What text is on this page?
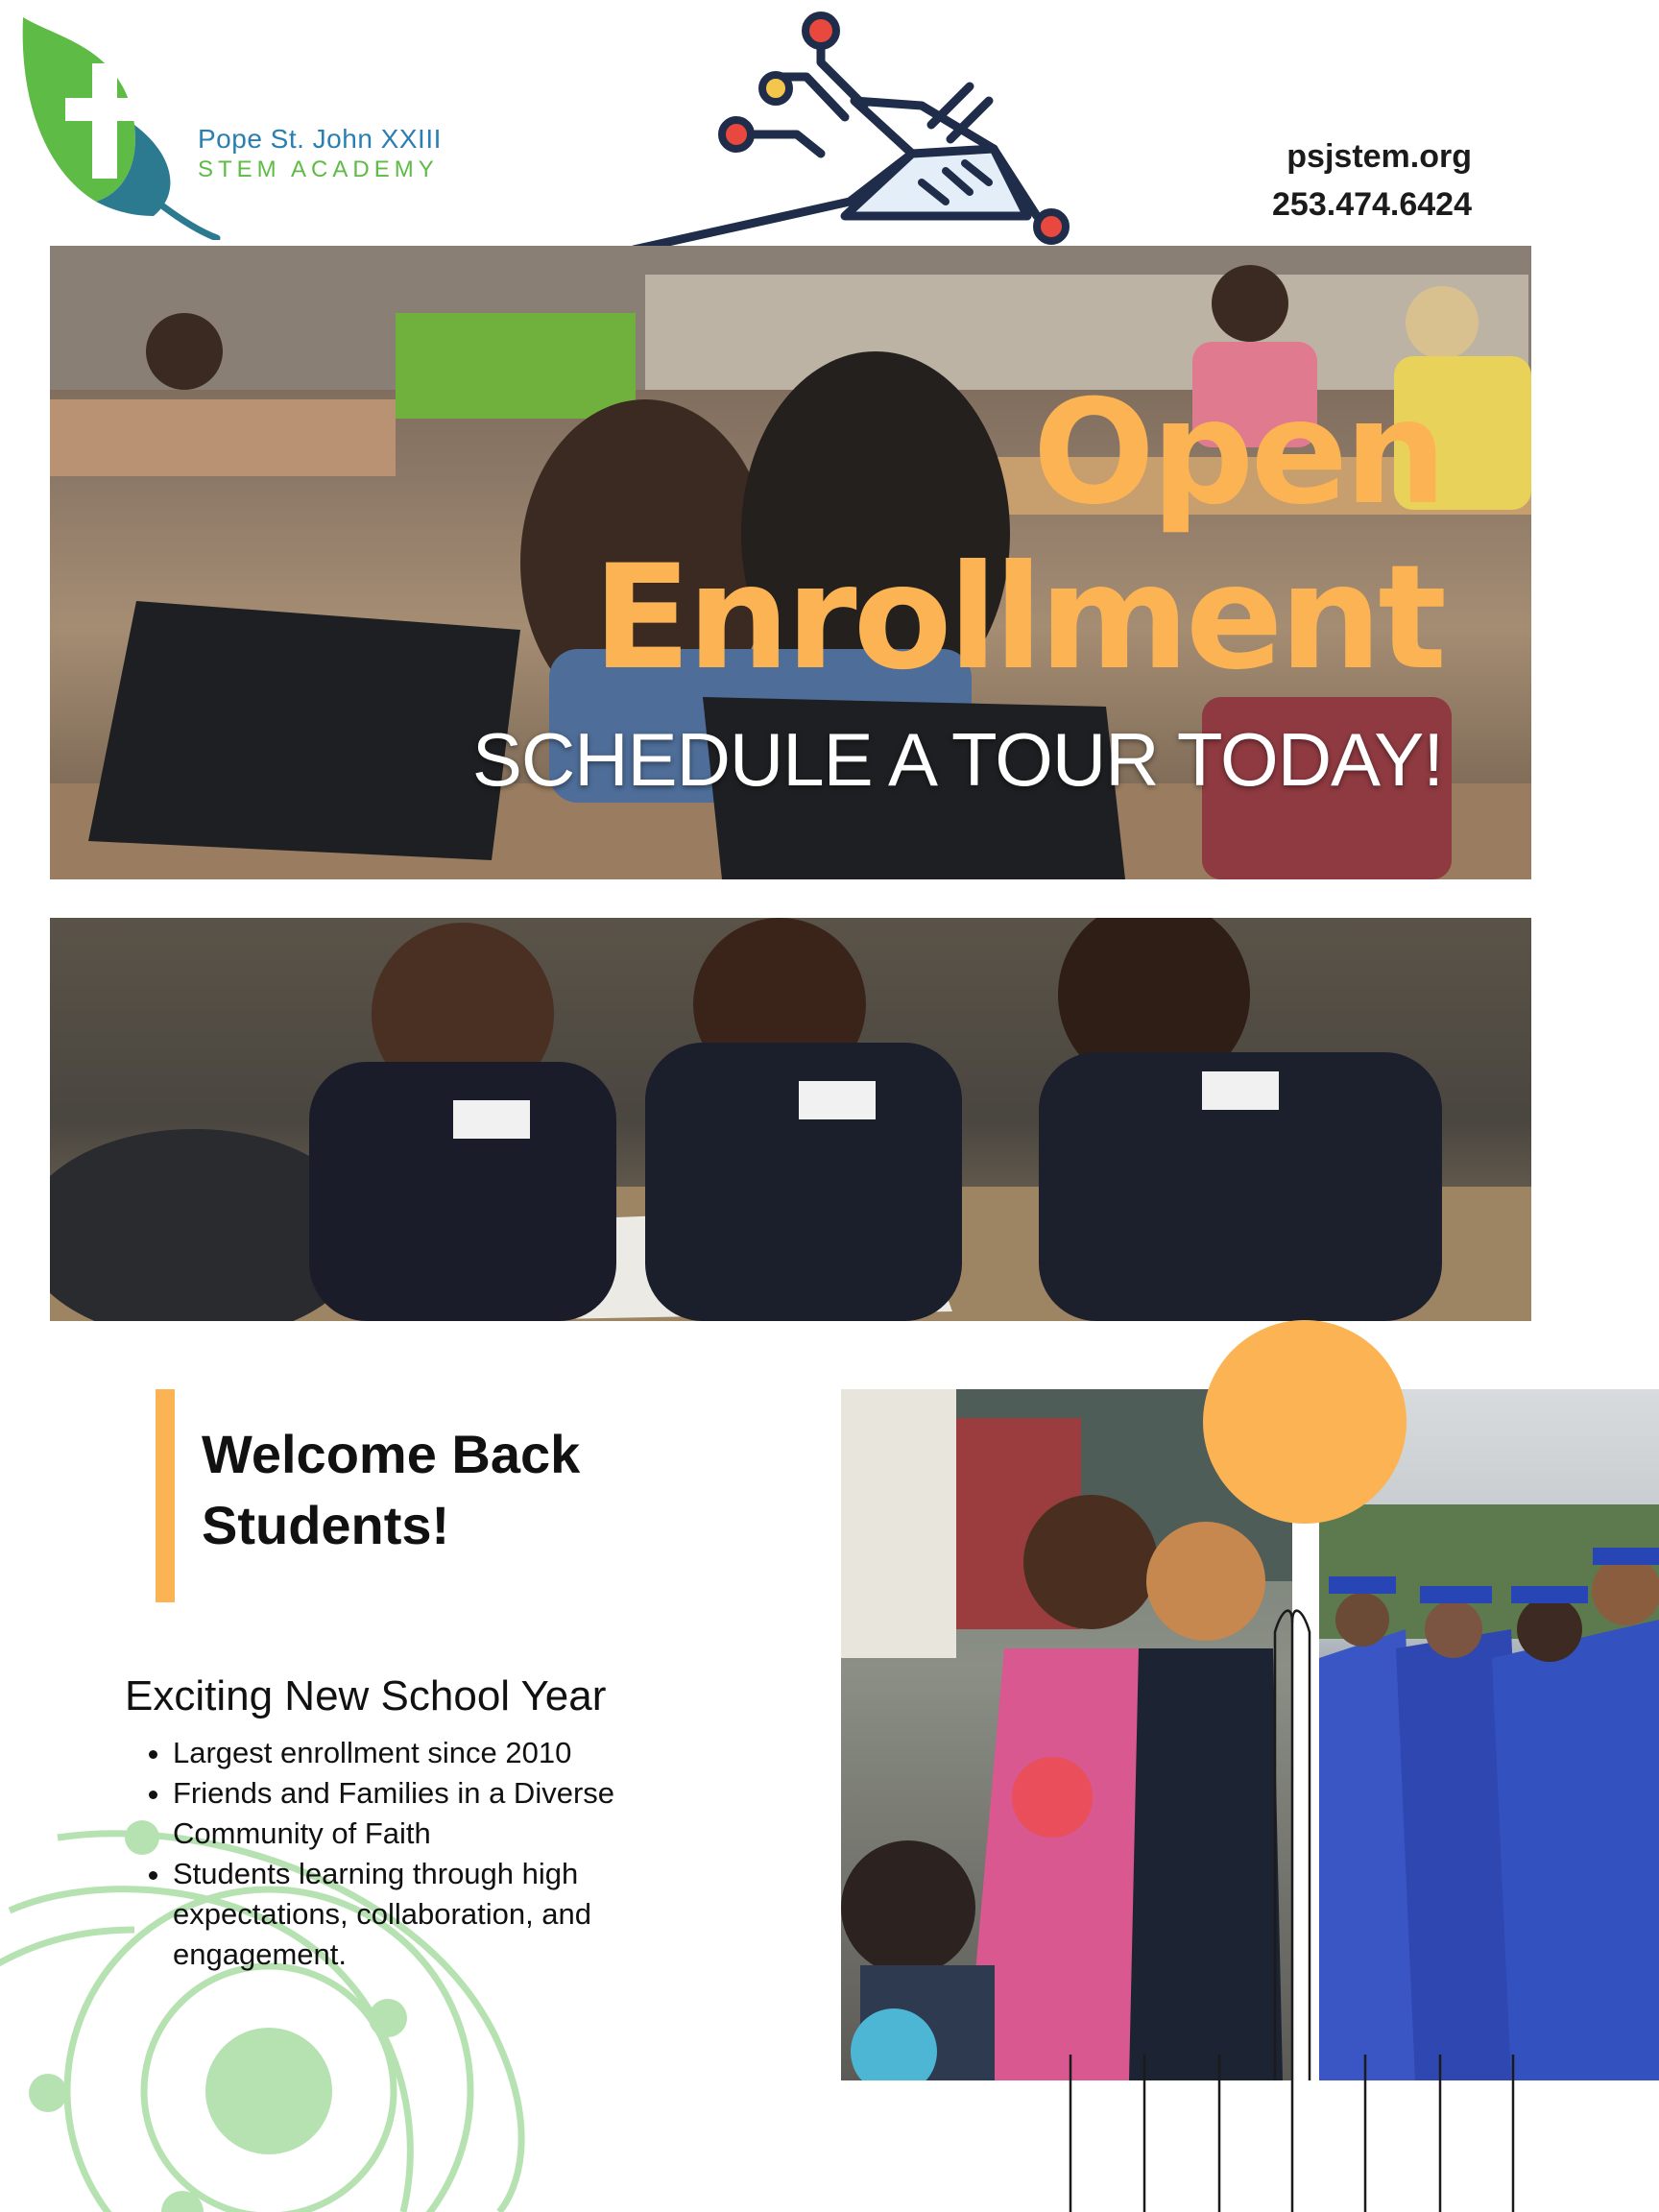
Pope St. John XXIII
STEM ACADEMY	psjstem.org
253.474.6424
Open
Enrollment
SCHEDULE A TOUR TODAY!
Welcome Back
Students!
Exciting New School Year
• Largest enrollment since 2010
• Friends and Families in a Diverse Community of Faith
• Students learning through high expectations, collaboration, and engagement.
